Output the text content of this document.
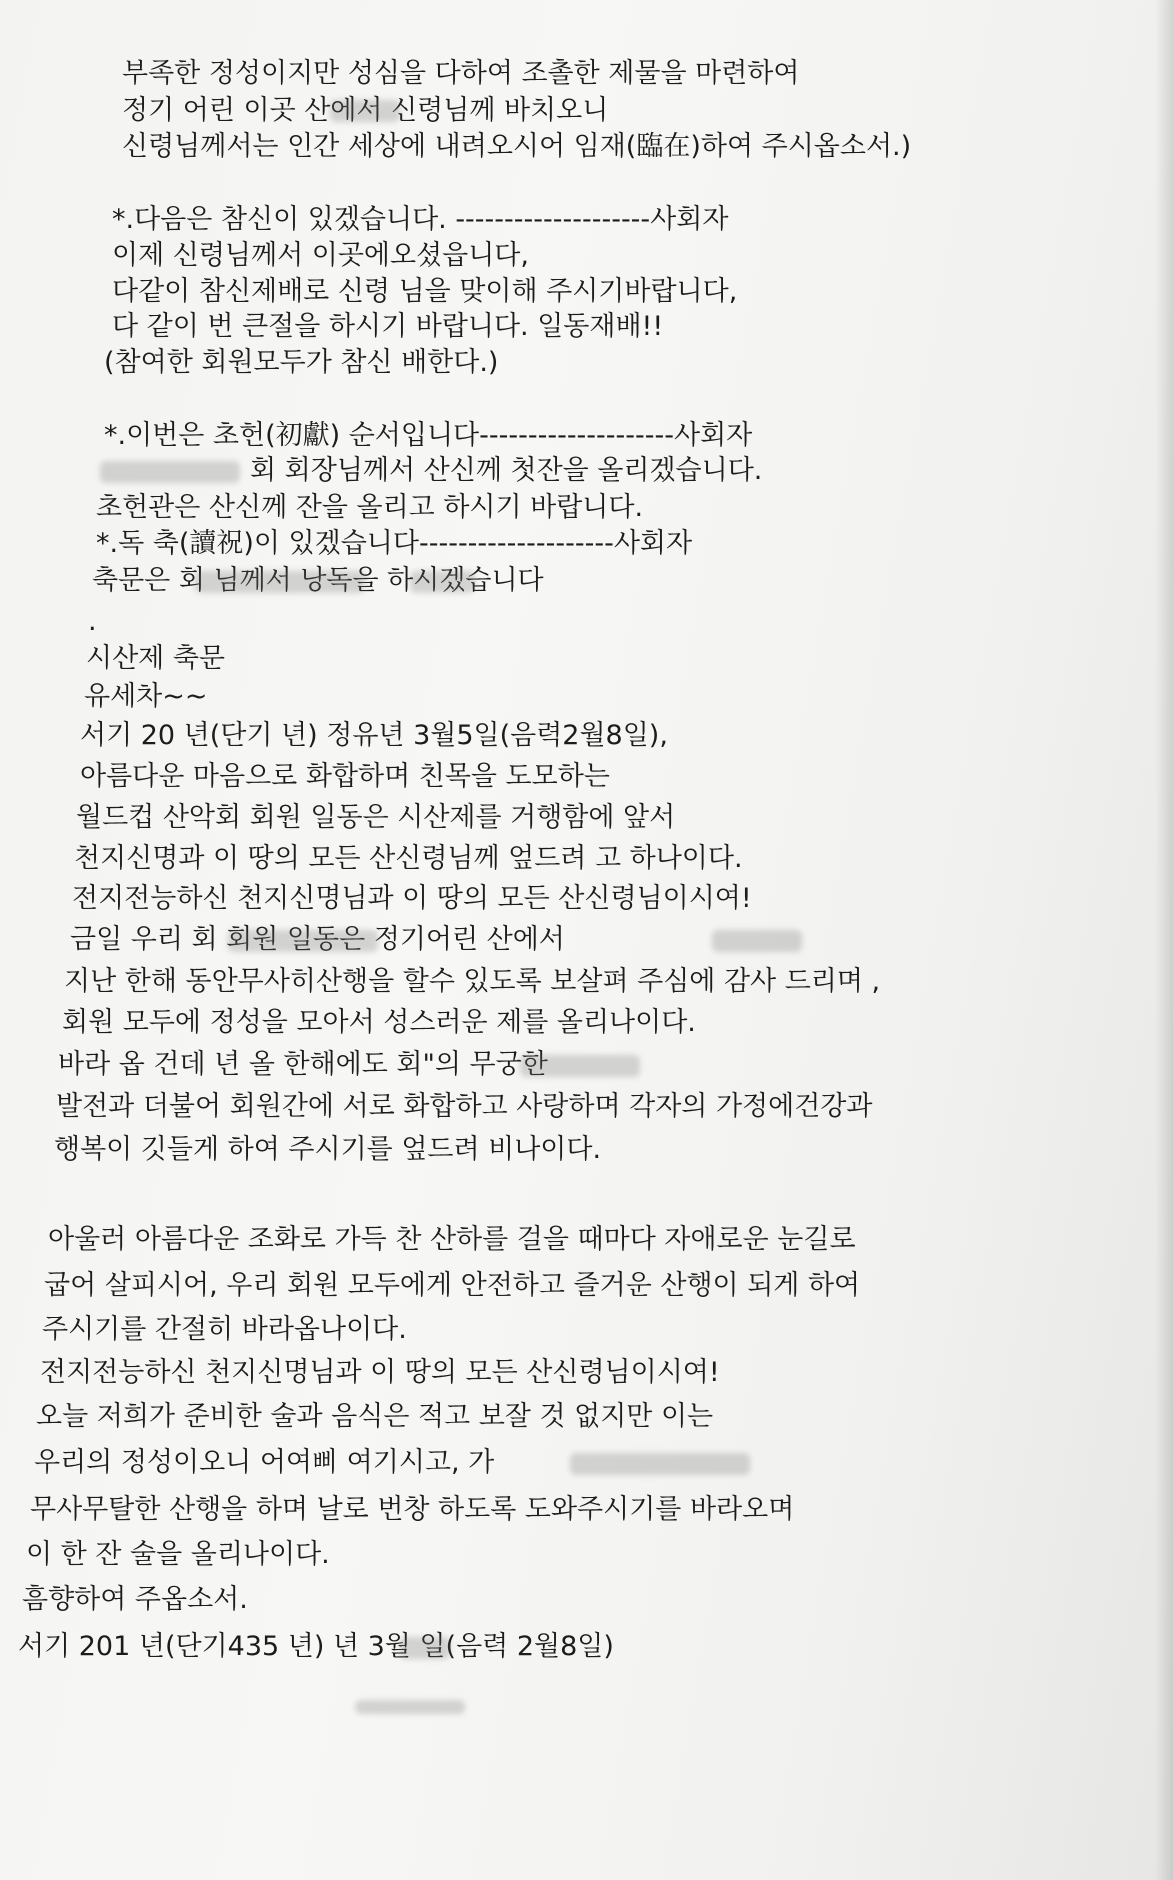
부족한 정성이지만 성심을 다하여 조촐한 제물을 마련하여
정기 어린 이곳 산에서 신령님께 바치오니
신령님께서는 인간 세상에 내려오시어 임재(臨在)하여 주시옵소서.)
*.다음은 참신이 있겠습니다. --------------------사회자
이제 신령님께서 이곳에오셨읍니다,
다같이 참신제배로 신령 님을 맞이해 주시기바랍니다,
다 같이 번 큰절을 하시기 바랍니다. 일동재배!!
(참여한 회원모두가 참신 배한다.)
*.이번은 초헌(初獻) 순서입니다--------------------사회자
회 회장님께서 산신께 첫잔을 올리겠습니다.
초헌관은 산신께 잔을 올리고 하시기 바랍니다.
*.독 축(讀祝)이 있겠습니다--------------------사회자
축문은 회 님께서 낭독을 하시겠습니다
.
시산제 축문
유세차~~
서기 20 년(단기 년) 정유년 3월5일(음력2월8일),
아름다운 마음으로 화합하며 친목을 도모하는
월드컵 산악회 회원 일동은 시산제를 거행함에 앞서
천지신명과 이 땅의 모든 산신령님께 엎드려 고 하나이다.
전지전능하신 천지신명님과 이 땅의 모든 산신령님이시여!
금일 우리 회 회원 일동은 정기어린 산에서
지난 한해 동안무사히산행을 할수 있도록 보살펴 주심에 감사 드리며 ,
회원 모두에 정성을 모아서 성스러운 제를 올리나이다.
바라 옵 건데 년 올 한해에도 회"의 무궁한
발전과 더불어 회원간에 서로 화합하고 사랑하며 각자의 가정에건강과
행복이 깃들게 하여 주시기를 엎드려 비나이다.
아울러 아름다운 조화로 가득 찬 산하를 걸을 때마다 자애로운 눈길로
굽어 살피시어, 우리 회원 모두에게 안전하고 즐거운 산행이 되게 하여
주시기를 간절히 바라옵나이다.
전지전능하신 천지신명님과 이 땅의 모든 산신령님이시여!
오늘 저희가 준비한 술과 음식은 적고 보잘 것 없지만 이는
우리의 정성이오니 어여삐 여기시고, 가
무사무탈한 산행을 하며 날로 번창 하도록 도와주시기를 바라오며
이 한 잔 술을 올리나이다.
흠향하여 주옵소서.
서기 201 년(단기435 년) 년 3월 일(음력 2월8일)
